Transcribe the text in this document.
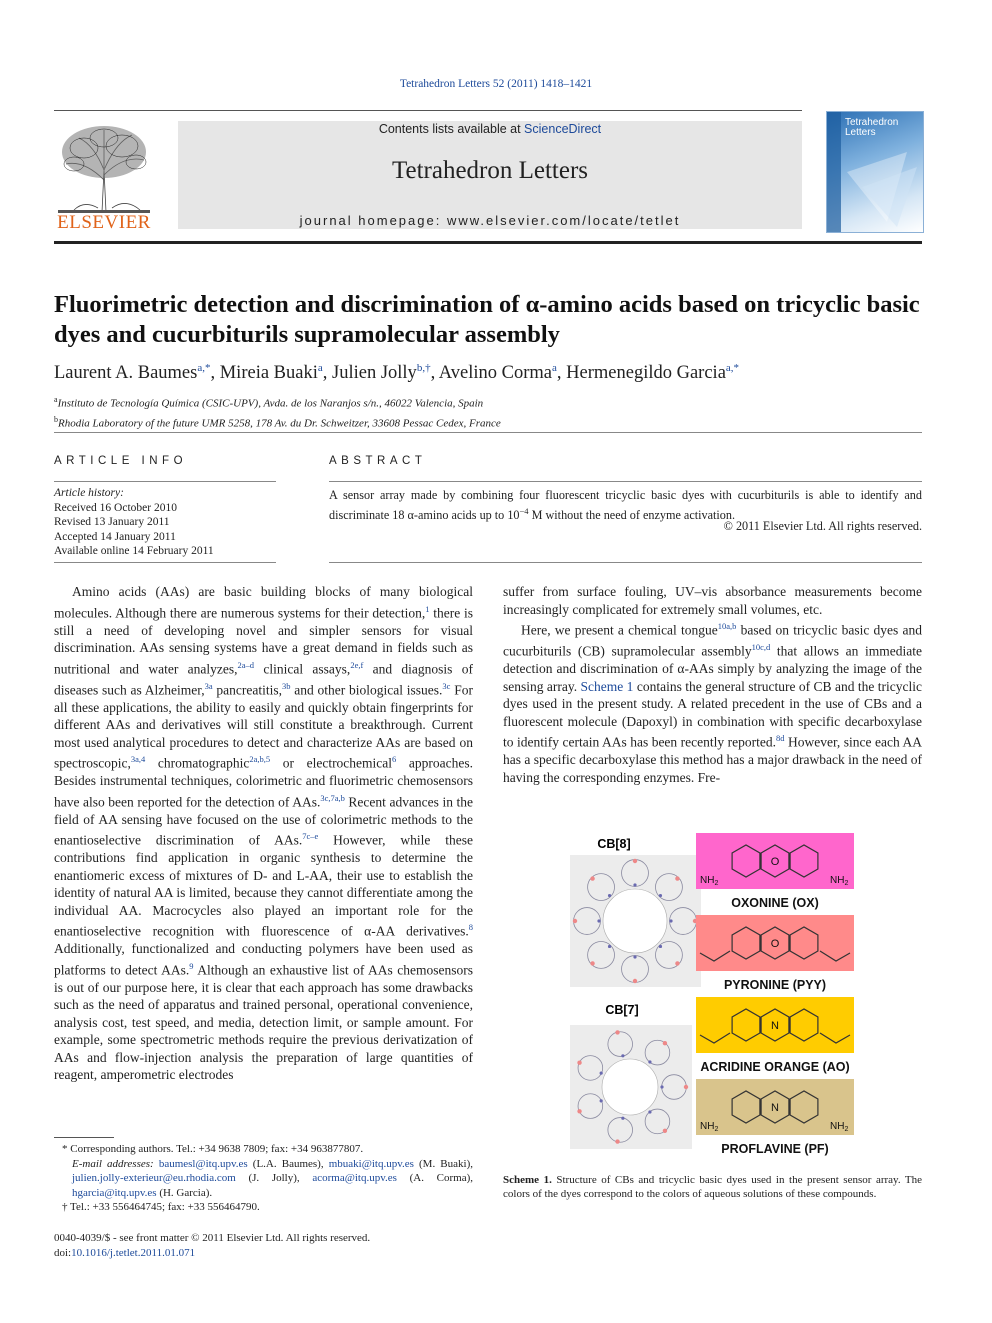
Tetrahedron Letters 52 (2011) 1418–1421
ELSEVIER
Contents lists available at ScienceDirect
Tetrahedron Letters
journal homepage: www.elsevier.com/locate/tetlet
Tetrahedron
Letters
Fluorimetric detection and discrimination of α-amino acids based on tricyclic basic dyes and cucurbiturils supramolecular assembly
Laurent A. Baumes$^{a,*}$, Mireia Buaki$^a$, Julien Jolly$^{b,\dagger}$, Avelino Corma$^a$, Hermenegildo Garcia$^{a,*}$
$^a$Instituto de Tecnología Química (CSIC-UPV), Avda. de los Naranjos s/n., 46022 Valencia, Spain
$^b$Rhodia Laboratory of the future UMR 5258, 178 Av. du Dr. Schweitzer, 33608 Pessac Cedex, France
ARTICLE INFO	ABSTRACT
Article history:
Received 16 October 2010
Revised 13 January 2011
Accepted 14 January 2011
Available online 14 February 2011
A sensor array made by combining four fluorescent tricyclic basic dyes with cucurbiturils is able to identify and discriminate 18 α-amino acids up to $10^{-4}$ M without the need of enzyme activation.
© 2011 Elsevier Ltd. All rights reserved.

Amino acids (AAs) are basic building blocks of many biological molecules. Although there are numerous systems for their detection,$^1$ there is still a need of developing novel and simpler sensors for visual discrimination. AAs sensing systems have a great demand in fields such as nutritional and water analyzes,$^{2a-d}$ clinical assays,$^{2e,f}$ and diagnosis of diseases such as Alzheimer,$^{3a}$ pancreatitis,$^{3b}$ and other biological issues.$^{3c}$ For all these applications, the ability to easily and quickly obtain fingerprints for different AAs and derivatives will still constitute a breakthrough. Current most used analytical procedures to detect and characterize AAs are based on spectroscopic,$^{3a,4}$ chromatographic$^{2a,b,5}$ or electrochemical$^6$ approaches. Besides instrumental techniques, colorimetric and fluorimetric chemosensors have also been reported for the detection of AAs.$^{3c,7a,b}$ Recent advances in the field of AA sensing have focused on the use of colorimetric methods to the enantioselective discrimination of AAs.$^{7c-e}$ However, while these contributions find application in organic synthesis to determine the enantiomeric excess of mixtures of D- and L-AA, their use to establish the identity of natural AA is limited, because they cannot differentiate among the individual AA. Macrocycles also played an important role for the enantioselective recognition with fluorescence of α-AA derivatives.$^8$ Additionally, functionalized and conducting polymers have been used as platforms to detect AAs.$^9$ Although an exhaustive list of AAs chemosensors is out of our purpose here, it is clear that each approach has some drawbacks such as the need of apparatus and trained personal, operational convenience, analysis cost, test speed, and media, detection limit, or sample amount. For example, some spectrometric methods require the previous derivatization of AAs and flow-injection analysis the preparation of large quantities of reagent, amperometric electrodes

suffer from surface fouling, UV–vis absorbance measurements become increasingly complicated for extremely small volumes, etc.

Here, we present a chemical tongue$^{10a,b}$ based on tricyclic basic dyes and cucurbiturils (CB) supramolecular assembly$^{10c,d}$ that allows an immediate detection and discrimination of α-AAs simply by analyzing the image of the sensing array. Scheme 1 contains the general structure of CB and the tricyclic dyes used in the present study. A related precedent in the use of CBs and a fluorescent molecule (Dapoxyl) in combination with specific decarboxylase to identify certain AAs has been recently reported.$^{8d}$ However, since each AA has a specific decarboxylase this method has a major drawback in the need of having the corresponding enzymes. Fre-

CB[8]
CB[7]
O
$NH_2$	$NH_2$
OXONINE (OX)
O
PYRONINE (PYY)
N
ACRIDINE ORANGE (AO)
N
$NH_2$	$NH_2$
PROFLAVINE (PF)
Scheme 1. Structure of CBs and tricyclic basic dyes used in the present sensor array. The colors of the dyes correspond to the colors of aqueous solutions of these compounds.
* Corresponding authors. Tel.: +34 9638 7809; fax: +34 963877807.
E-mail addresses: baumesl@itq.upv.es (L.A. Baumes), mbuaki@itq.upv.es (M. Buaki), julien.jolly-exterieur@eu.rhodia.com (J. Jolly), acorma@itq.upv.es (A. Corma), hgarcia@itq.upv.es (H. Garcia).
† Tel.: +33 556464745; fax: +33 556464790.
0040-4039/$ - see front matter © 2011 Elsevier Ltd. All rights reserved.
doi:10.1016/j.tetlet.2011.01.071
